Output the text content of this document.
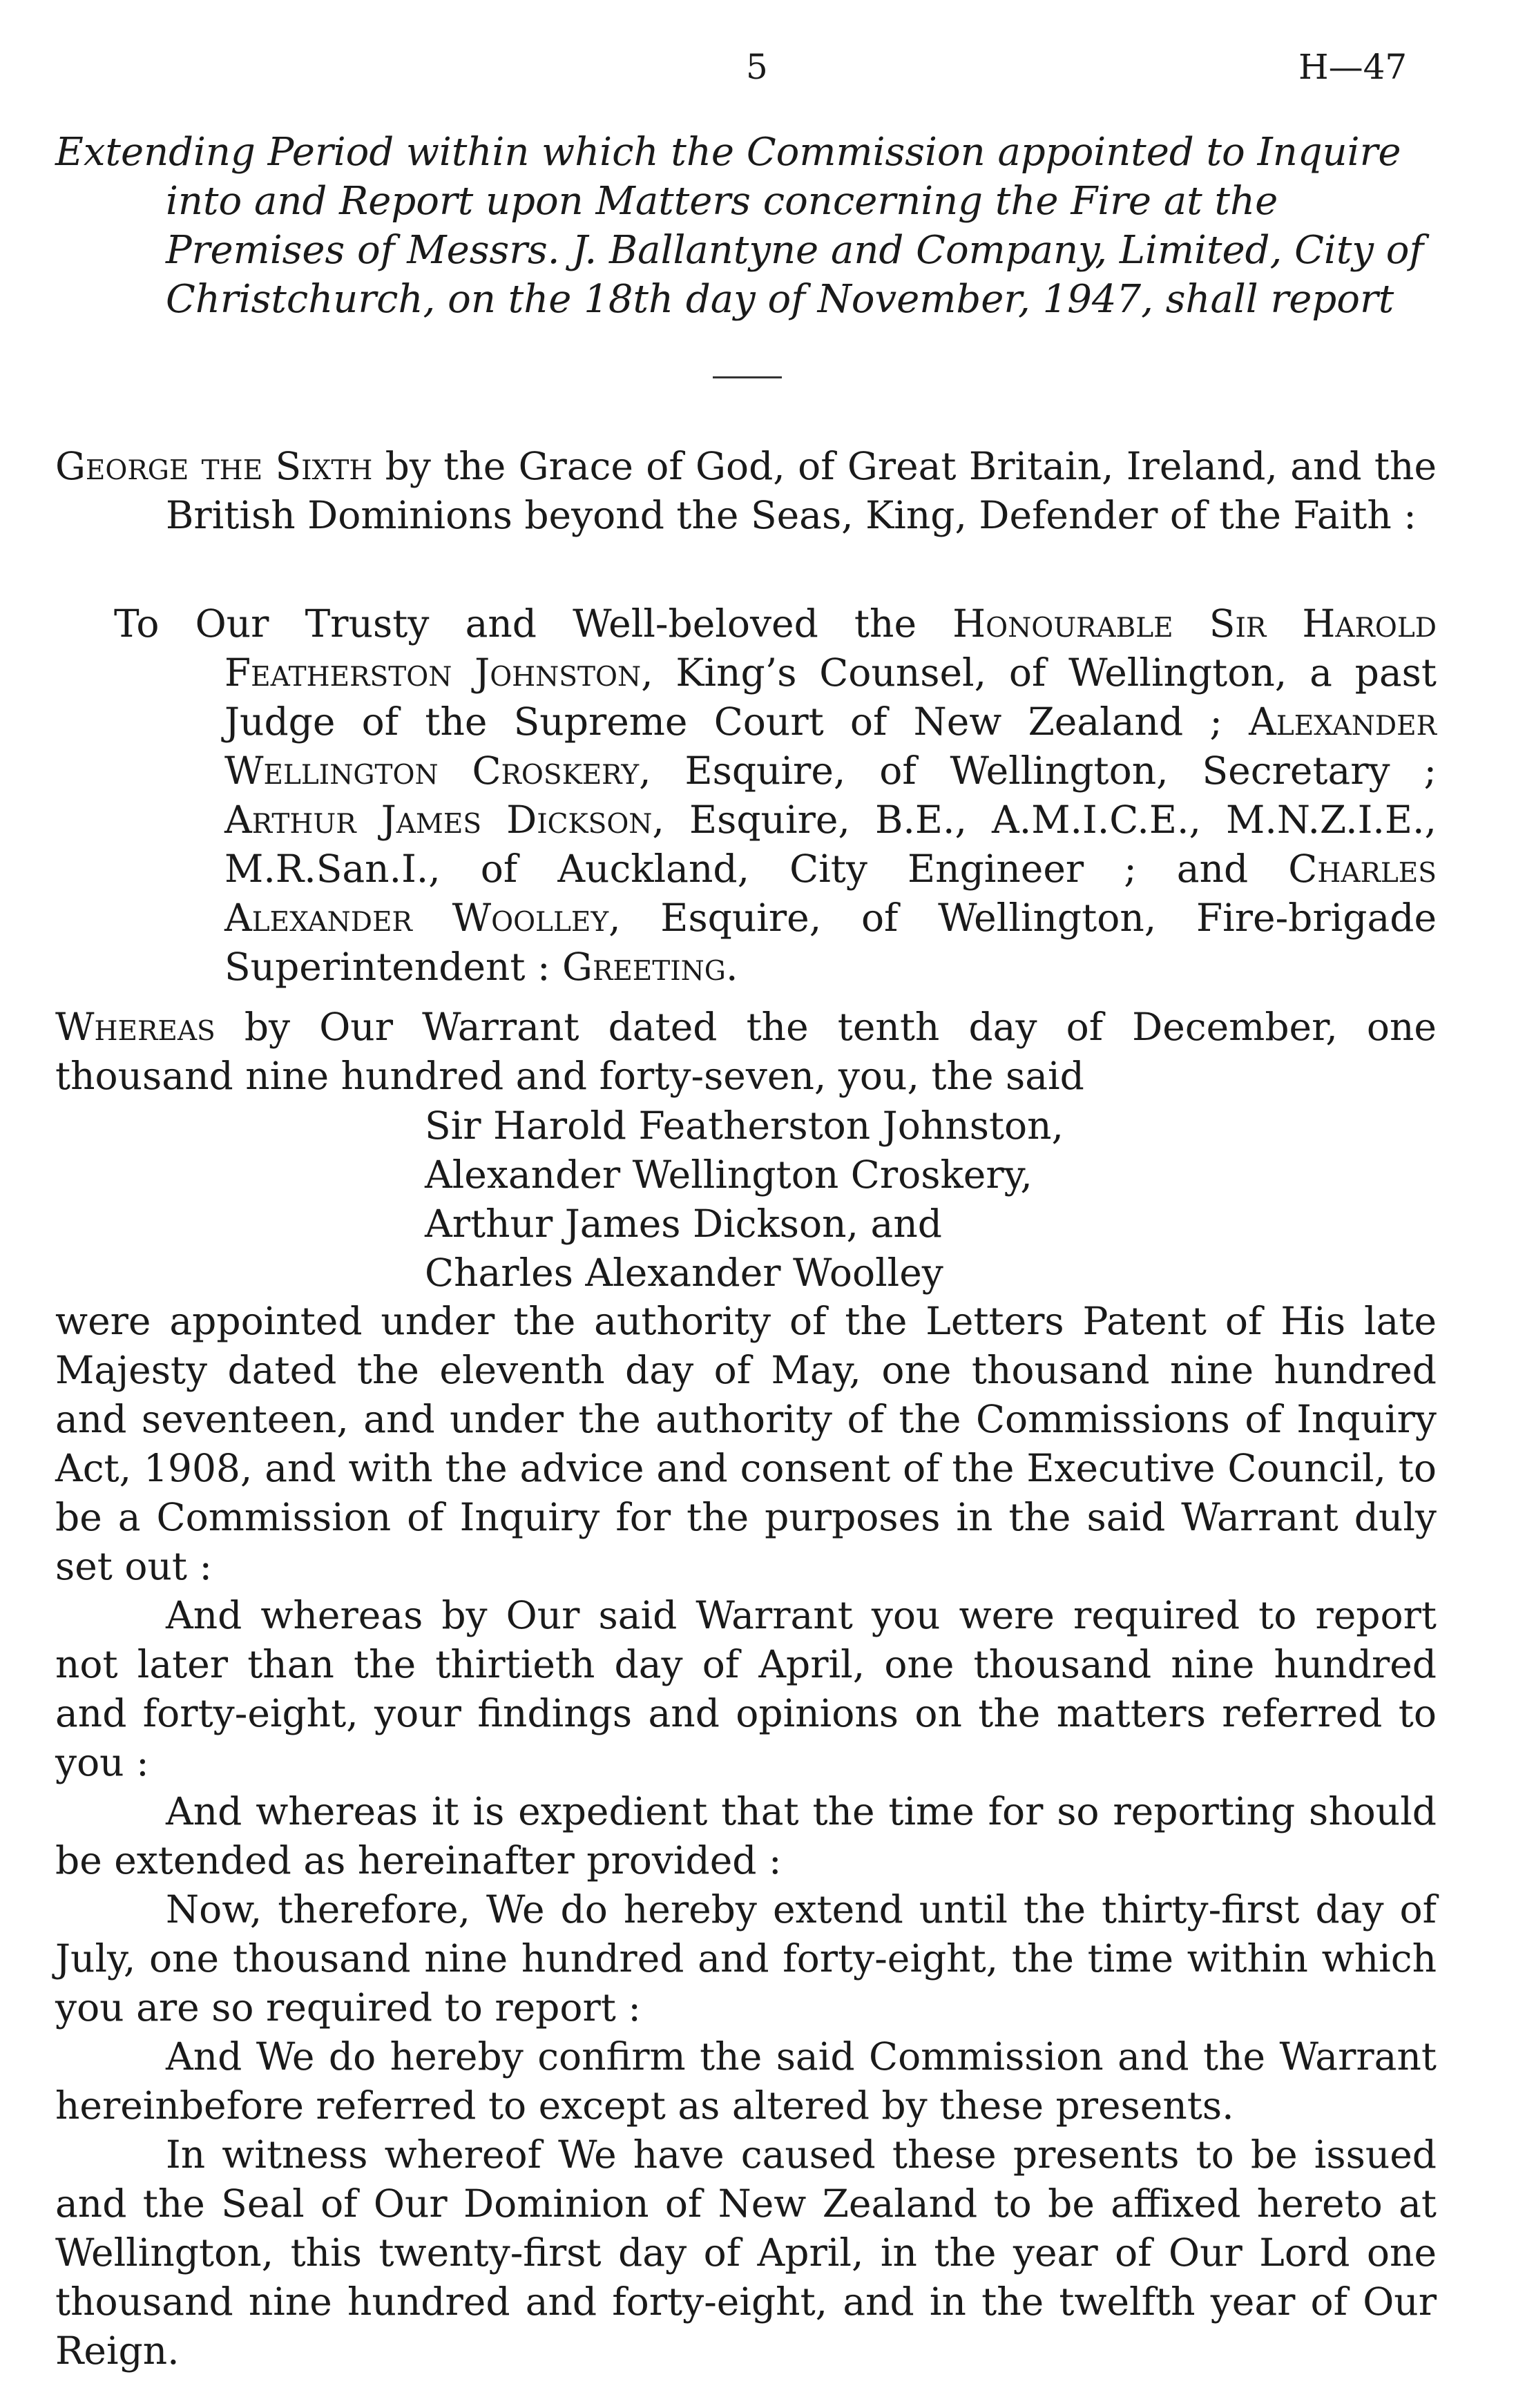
5	H—47

Extending Period within which the Commission appointed to Inquire into and Report upon Matters concerning the Fire at the Premises of Messrs. J. Ballantyne and Company, Limited, City of Christchurch, on the 18th day of November, 1947, shall report

George the Sixth by the Grace of God, of Great Britain, Ireland, and the British Dominions beyond the Seas, King, Defender of the Faith :

To Our Trusty and Well-beloved the Honourable Sir Harold Featherston Johnston, King’s Counsel, of Wellington, a past Judge of the Supreme Court of New Zealand ; Alexander Wellington Croskery, Esquire, of Wellington, Secretary ; Arthur James Dickson, Esquire, B.E., A.M.I.C.E., M.N.Z.I.E., M.R.San.I., of Auckland, City Engineer ; and Charles Alexander Woolley, Esquire, of Wellington, Fire-brigade Superintendent : Greeting.

Whereas by Our Warrant dated the tenth day of December, one thousand nine hundred and forty-seven, you, the said

Sir Harold Featherston Johnston,
Alexander Wellington Croskery,
Arthur James Dickson, and
Charles Alexander Woolley

were appointed under the authority of the Letters Patent of His late Majesty dated the eleventh day of May, one thousand nine hundred and seventeen, and under the authority of the Commissions of Inquiry Act, 1908, and with the advice and consent of the Executive Council, to be a Commission of Inquiry for the purposes in the said Warrant duly set out :

And whereas by Our said Warrant you were required to report not later than the thirtieth day of April, one thousand nine hundred and forty-eight, your findings and opinions on the matters referred to you :

And whereas it is expedient that the time for so reporting should be extended as hereinafter provided :

Now, therefore, We do hereby extend until the thirty-first day of July, one thousand nine hundred and forty-eight, the time within which you are so required to report :

And We do hereby confirm the said Commission and the Warrant hereinbefore referred to except as altered by these presents.

In witness whereof We have caused these presents to be issued and the Seal of Our Dominion of New Zealand to be affixed hereto at Wellington, this twenty-first day of April, in the year of Our Lord one thousand nine hundred and forty-eight, and in the twelfth year of Our Reign.
